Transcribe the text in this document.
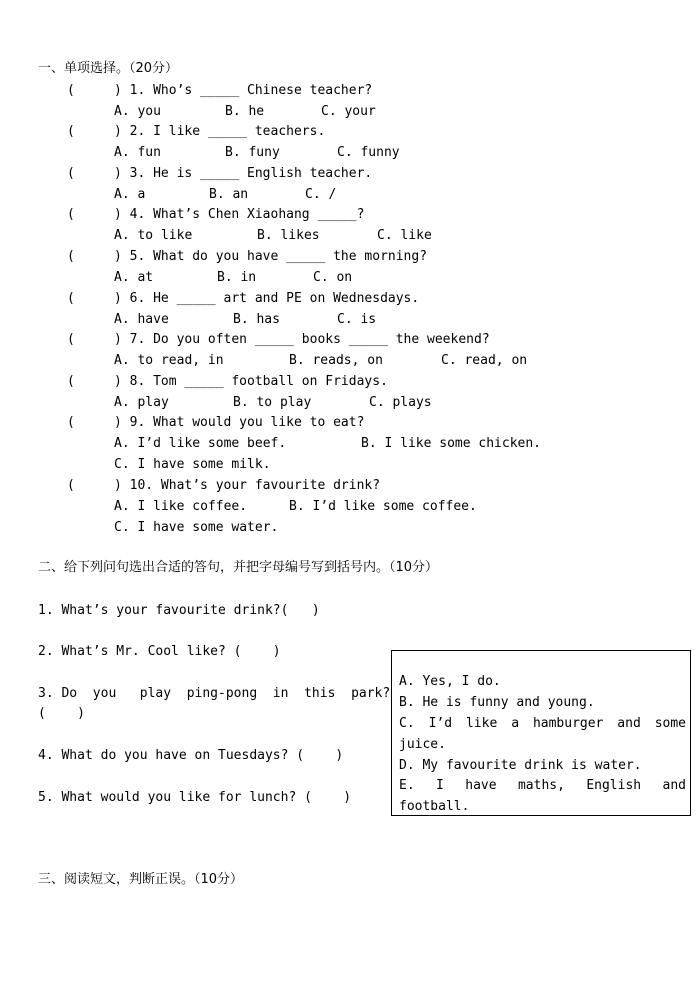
一、单项选择。（20分）
(     ) 1. Who’s _____ Chinese teacher?
A. you	B. he	C. your
(     ) 2. I like _____ teachers.
A. fun	B. funy	C. funny
(     ) 3. He is _____ English teacher.
A. a	B. an	C. /
(     ) 4. What’s Chen Xiaohang _____?
A. to like	B. likes	C. like
(     ) 5. What do you have _____ the morning?
A. at	B. in	C. on
(     ) 6. He _____ art and PE on Wednesdays.
A. have	B. has	C. is
(     ) 7. Do you often _____ books _____ the weekend?
A. to read, in	B. reads, on	C. read, on
(     ) 8. Tom _____ football on Fridays.
A. play	B. to play	C. plays
(     ) 9. What would you like to eat?
A. I’d like some beef.	B. I like some chicken.
C. I have some milk.
(     ) 10. What’s your favourite drink?
A. I like coffee.	B. I’d like some coffee.
C. I have some water.
二、给下列问句选出合适的答句，并把字母编号写到括号内。（10分）
1. What’s your favourite drink?(   )
2. What’s Mr. Cool like? (    )
3. Do  you   play  ping-pong  in  this  park?
(    )
4. What do you have on Tuesdays? (    )
5. What would you like for lunch? (    )
A. Yes, I do.
B. He is funny and young.
C. I’d like a hamburger and some
juice.
D. My favourite drink is water.
E. I have maths, English and
football.
三、阅读短文，判断正误。（10分）
